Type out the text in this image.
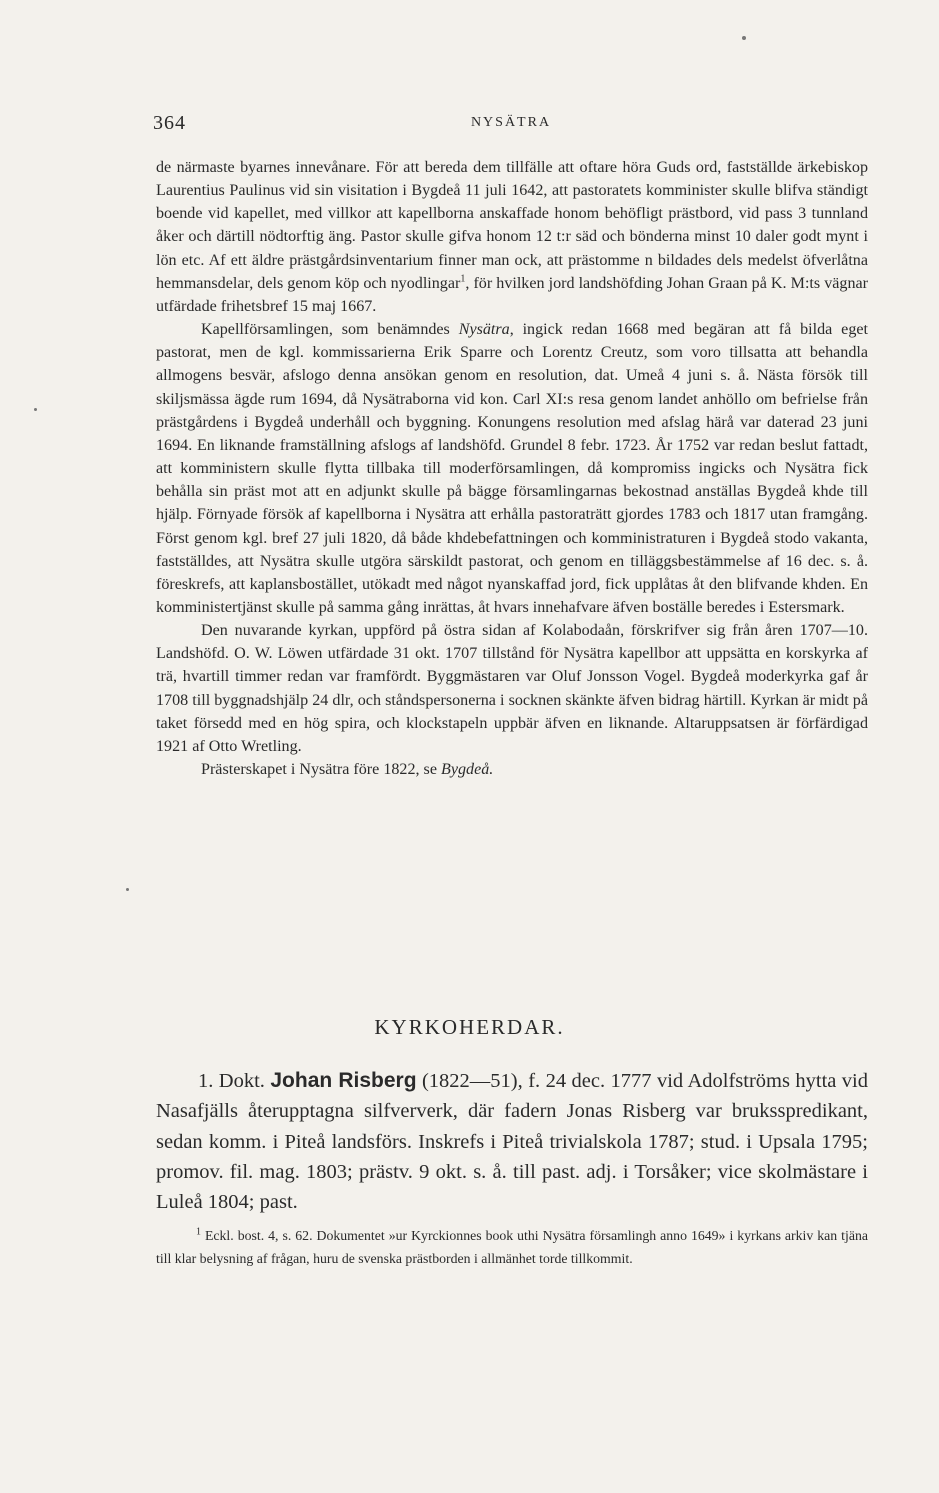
364	NYSÄTRA

de närmaste byarnes innevånare. För att bereda dem tillfälle att oftare höra Guds ord, fastställde ärkebiskop Laurentius Paulinus vid sin visitation i Bygdeå 11 juli 1642, att pastoratets komminister skulle blifva ständigt boende vid kapellet, med villkor att kapellborna anskaffade honom behöfligt prästbord, vid pass 3 tunnland åker och därtill nödtorftig äng. Pastor skulle gifva honom 12 t:r säd och bönderna minst 10 daler godt mynt i lön etc. Af ett äldre prästgårdsinventarium finner man ock, att prästomme n bildades dels medelst öfverlåtna hemmansdelar, dels genom köp och nyodlingar$^1$, för hvilken jord landshöfding Johan Graan på K. M:ts vägnar utfärdade frihetsbref 15 maj 1667.

Kapellförsamlingen, som benämndes Nysätra, ingick redan 1668 med begäran att få bilda eget pastorat, men de kgl. kommissarierna Erik Sparre och Lorentz Creutz, som voro tillsatta att behandla allmogens besvär, afslogo denna ansökan genom en resolution, dat. Umeå 4 juni s. å. Nästa försök till skiljsmässa ägde rum 1694, då Nysätraborna vid kon. Carl XI:s resa genom landet anhöllo om befrielse från prästgårdens i Bygdeå underhåll och byggning. Konungens resolution med afslag härå var daterad 23 juni 1694. En liknande framställning afslogs af landshöfd. Grundel 8 febr. 1723. År 1752 var redan beslut fattadt, att komministern skulle flytta tillbaka till moderförsamlingen, då kompromiss ingicks och Nysätra fick behålla sin präst mot att en adjunkt skulle på bägge församlingarnas bekostnad anställas Bygdeå khde till hjälp. Förnyade försök af kapellborna i Nysätra att erhålla pastoraträtt gjordes 1783 och 1817 utan framgång. Först genom kgl. bref 27 juli 1820, då både khdebefattningen och komministraturen i Bygdeå stodo vakanta, fastställdes, att Nysätra skulle utgöra särskildt pastorat, och genom en tilläggsbestämmelse af 16 dec. s. å. föreskrefs, att kaplansbostället, utökadt med något nyanskaffad jord, fick upplåtas åt den blifvande khden. En komministertjänst skulle på samma gång inrättas, åt hvars innehafvare äfven boställe beredes i Estersmark.

Den nuvarande kyrkan, uppförd på östra sidan af Kolabodaån, förskrifver sig från åren 1707—10. Landshöfd. O. W. Löwen utfärdade 31 okt. 1707 tillstånd för Nysätra kapellbor att uppsätta en korskyrka af trä, hvartill timmer redan var framfördt. Byggmästaren var Oluf Jonsson Vogel. Bygdeå moderkyrka gaf år 1708 till byggnadshjälp 24 dlr, och ståndspersonerna i socknen skänkte äfven bidrag härtill. Kyrkan är midt på taket försedd med en hög spira, och klockstapeln uppbär äfven en liknande. Altaruppsatsen är förfärdigad 1921 af Otto Wretling.

Prästerskapet i Nysätra före 1822, se Bygdeå.

KYRKOHERDAR.

1. Dokt. Johan Risberg (1822—51), f. 24 dec. 1777 vid Adolfströms hytta vid Nasafjälls återupptagna silfververk, där fadern Jonas Risberg var bruksspredikant, sedan komm. i Piteå landsförs. Inskrefs i Piteå trivialskola 1787; stud. i Upsala 1795; promov. fil. mag. 1803; prästv. 9 okt. s. å. till past. adj. i Torsåker; vice skolmästare i Luleå 1804; past.

$^1$ Eckl. bost. 4, s. 62. Dokumentet »ur Kyrckionnes book uthi Nysätra församlingh anno 1649» i kyrkans arkiv kan tjäna till klar belysning af frågan, huru de svenska prästborden i allmänhet torde tillkommit.
